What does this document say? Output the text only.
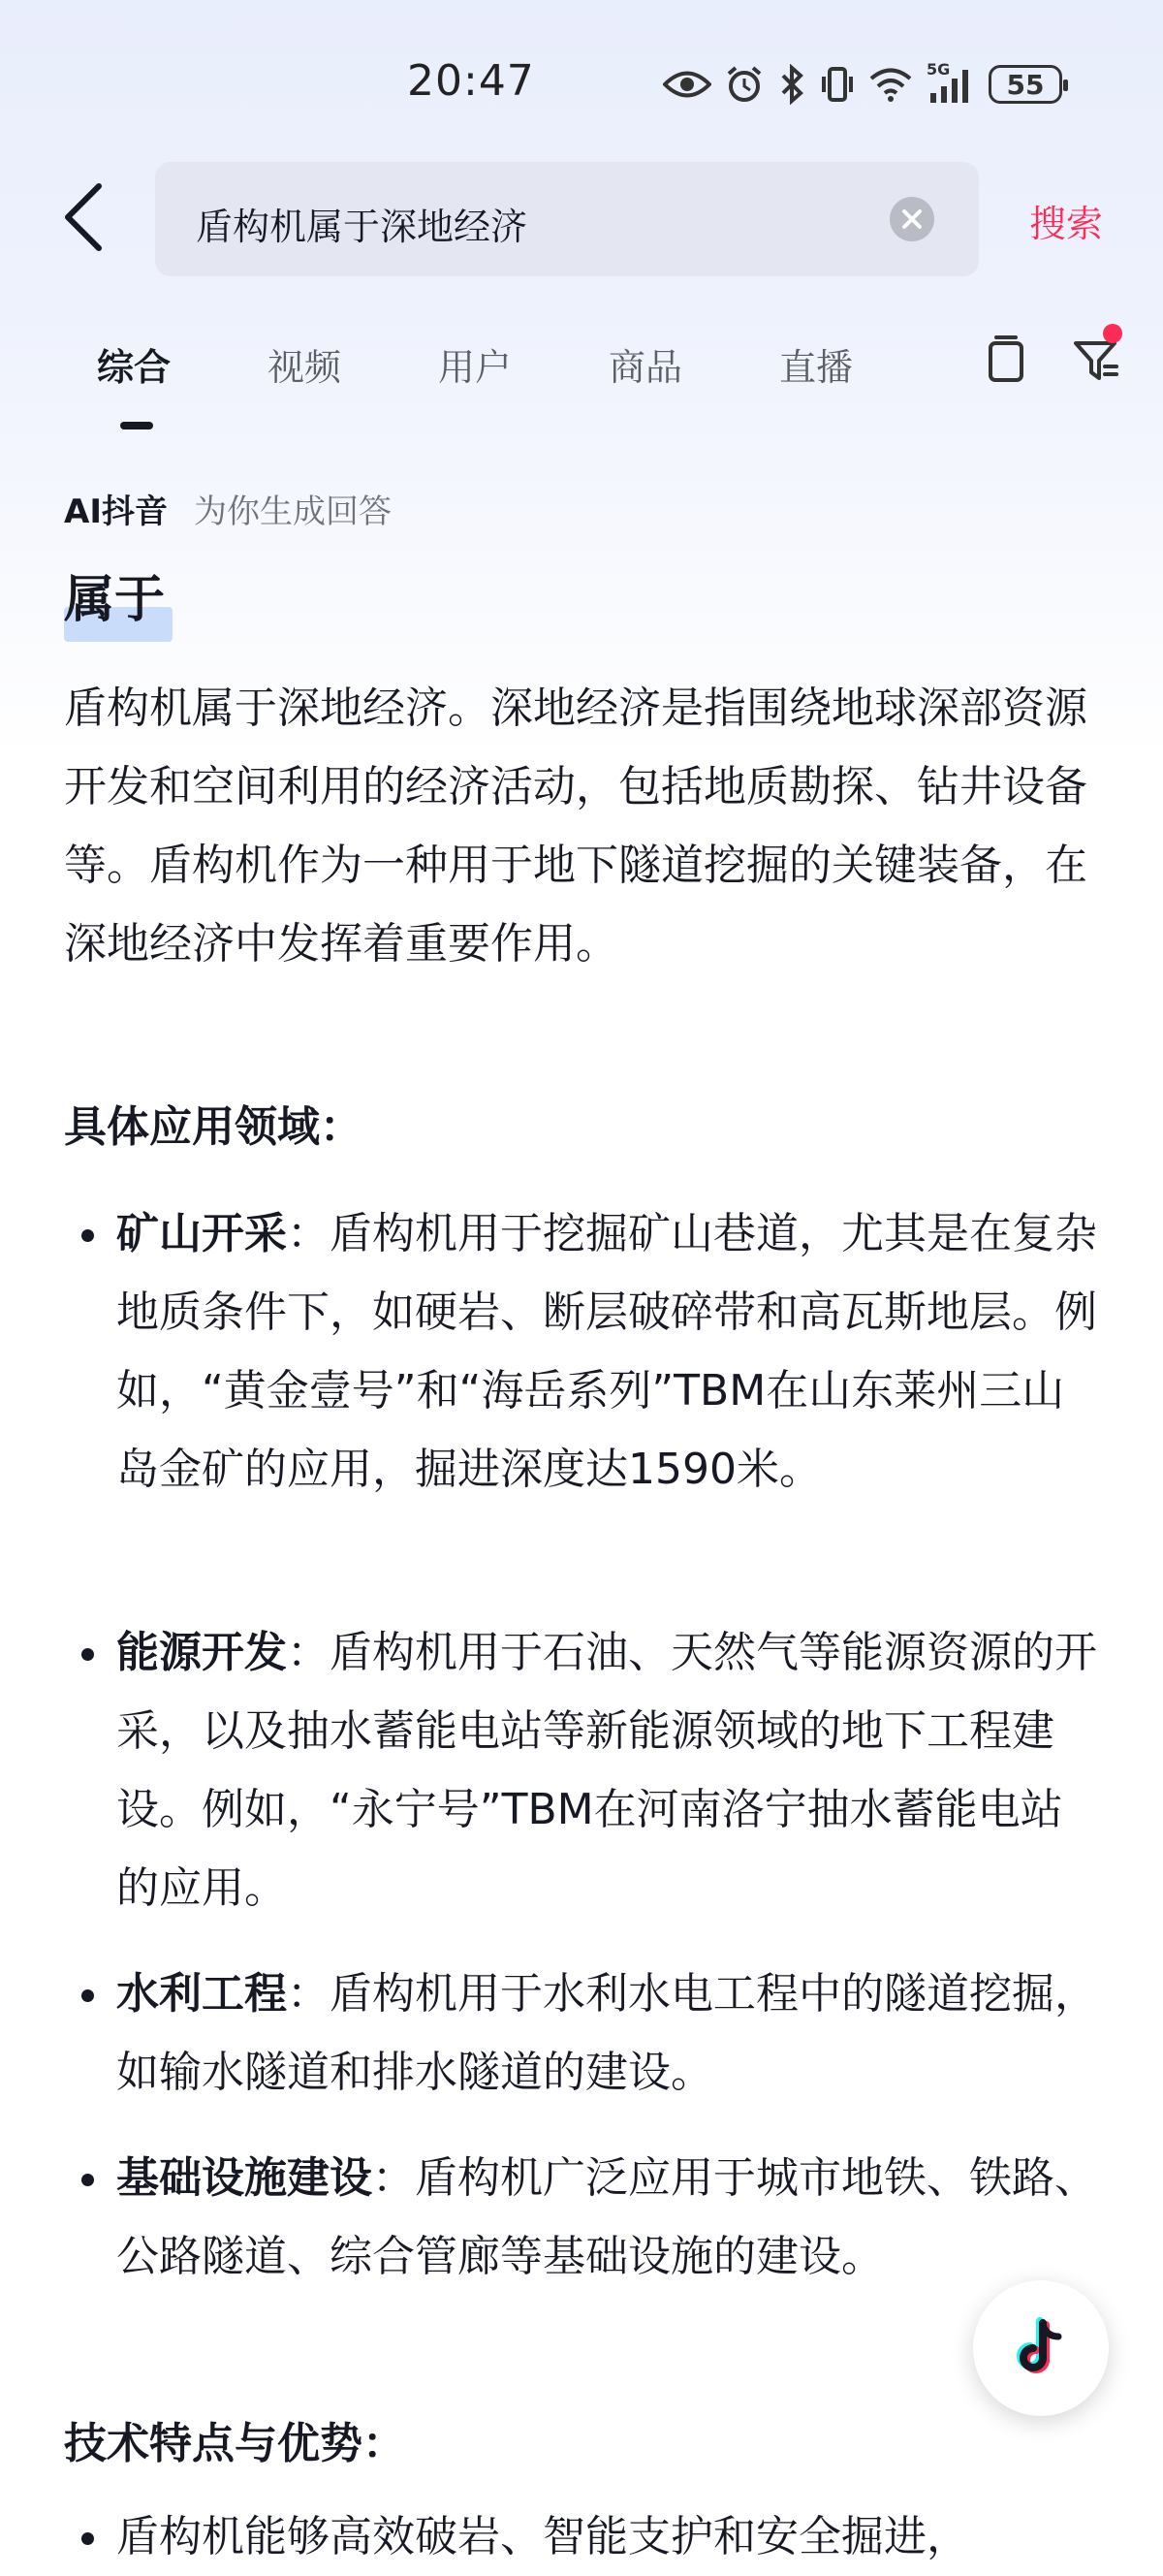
20:47	5G 55
盾构机属于深地经济	搜索
综合	视频	用户	商品	直播
AI抖音 为你生成回答
属于

盾构机属于深地经济。深地经济是指围绕地球深部资源开发和空间利用的经济活动，包括地质勘探、钻井设备等。盾构机作为一种用于地下隧道挖掘的关键装备，在深地经济中发挥着重要作用。

具体应用领域：
矿山开采：盾构机用于挖掘矿山巷道，尤其是在复杂地质条件下，如硬岩、断层破碎带和高瓦斯地层。例如，“黄金壹号”和“海岳系列”TBM在山东莱州三山岛金矿的应用，掘进深度达1590米。
能源开发：盾构机用于石油、天然气等能源资源的开采，以及抽水蓄能电站等新能源领域的地下工程建设。例如，“永宁号”TBM在河南洛宁抽水蓄能电站的应用。
水利工程：盾构机用于水利水电工程中的隧道挖掘，如输水隧道和排水隧道的建设。
基础设施建设：盾构机广泛应用于城市地铁、铁路、公路隧道、综合管廊等基础设施的建设。
技术特点与优势：
盾构机能够高效破岩、智能支护和安全掘进，
